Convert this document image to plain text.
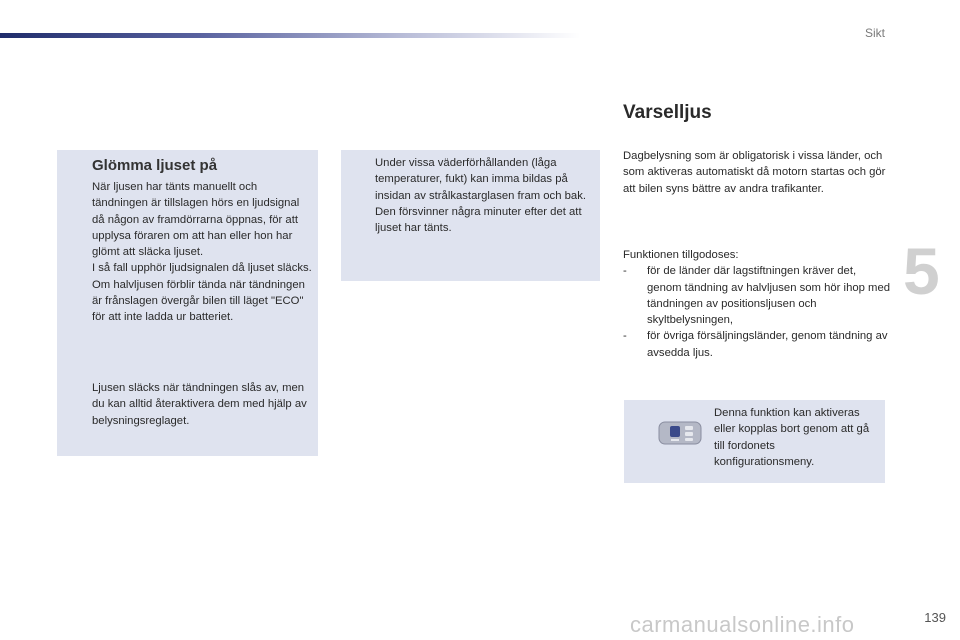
Sikt
5
Glömma ljuset på

När ljusen har tänts manuellt och tändningen är tillslagen hörs en ljudsignal då någon av framdörrarna öppnas, för att upplysa föraren om att han eller hon har glömt att släcka ljuset.

I så fall upphör ljudsignalen då ljuset släcks.

Om halvljusen förblir tända när tändningen är frånslagen övergår bilen till läget "ECO" för att inte ladda ur batteriet.

Ljusen släcks när tändningen slås av, men du kan alltid återaktivera dem med hjälp av belysningsreglaget.

Under vissa väderförhållanden (låga temperaturer, fukt) kan imma bildas på insidan av strålkastarglasen fram och bak. Den försvinner några minuter efter det att ljuset har tänts.
Varselljus

Dagbelysning som är obligatorisk i vissa länder, och som aktiveras automatiskt då motorn startas och gör att bilen syns bättre av andra trafikanter.

Funktionen tillgodoses:

- för de länder där lagstiftningen kräver det, genom tändning av halvljusen som hör ihop med tändningen av positionsljusen och skyltbelysningen,
- för övriga försäljningsländer, genom tändning av avsedda ljus.
Denna funktion kan aktiveras eller kopplas bort genom att gå till fordonets konfigurationsmeny.
carmanualsonline.info	139
